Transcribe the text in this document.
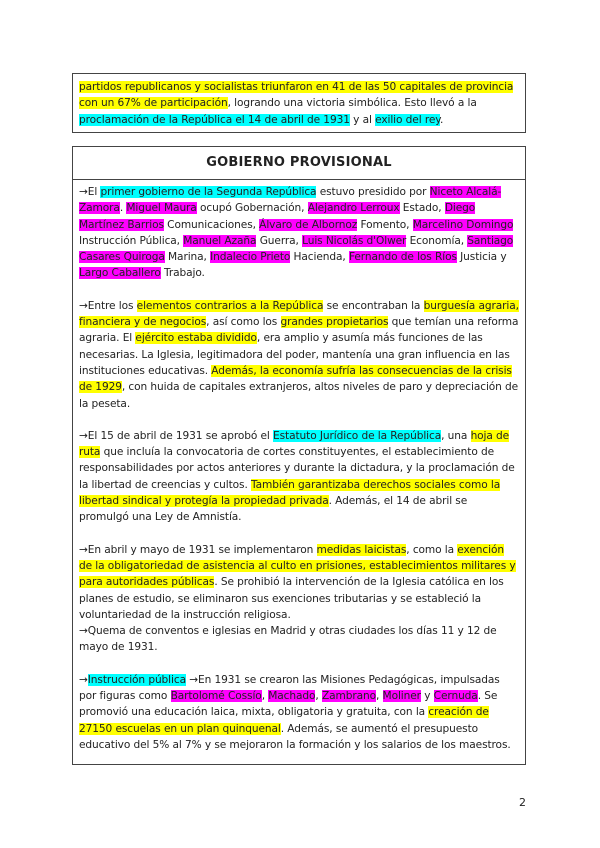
partidos republicanos y socialistas triunfaron en 41 de las 50 capitales de provincia con un 67% de participación, logrando una victoria simbólica. Esto llevó a la proclamación de la República el 14 de abril de 1931 y al exilio del rey.

GOBIERNO PROVISIONAL

→El primer gobierno de la Segunda República estuvo presidido por Niceto Alcalá-Zamora. Miguel Maura ocupó Gobernación, Alejandro Lerroux Estado, Diego Martínez Barrios Comunicaciones, Álvaro de Albornoz Fomento, Marcelino Domingo Instrucción Pública, Manuel Azaña Guerra, Luis Nicolás d'Olwer Economía, Santiago Casares Quiroga Marina, Indalecio Prieto Hacienda, Fernando de los Ríos Justicia y Largo Caballero Trabajo.

→Entre los elementos contrarios a la República se encontraban la burguesía agraria, financiera y de negocios, así como los grandes propietarios que temían una reforma agraria. El ejército estaba dividido, era amplio y asumía más funciones de las necesarias. La Iglesia, legitimadora del poder, mantenía una gran influencia en las instituciones educativas. Además, la economía sufría las consecuencias de la crisis de 1929, con huida de capitales extranjeros, altos niveles de paro y depreciación de la peseta.

→El 15 de abril de 1931 se aprobó el Estatuto Jurídico de la República, una hoja de ruta que incluía la convocatoria de cortes constituyentes, el establecimiento de responsabilidades por actos anteriores y durante la dictadura, y la proclamación de la libertad de creencias y cultos. También garantizaba derechos sociales como la libertad sindical y protegía la propiedad privada. Además, el 14 de abril se promulgó una Ley de Amnistía.

→En abril y mayo de 1931 se implementaron medidas laicistas, como la exención de la obligatoriedad de asistencia al culto en prisiones, establecimientos militares y para autoridades públicas. Se prohibió la intervención de la Iglesia católica en los planes de estudio, se eliminaron sus exenciones tributarias y se estableció la voluntariedad de la instrucción religiosa.

→Quema de conventos e iglesias en Madrid y otras ciudades los días 11 y 12 de mayo de 1931.

→Instrucción pública →En 1931 se crearon las Misiones Pedagógicas, impulsadas por figuras como Bartolomé Cossío, Machado, Zambrano, Moliner y Cernuda. Se promovió una educación laica, mixta, obligatoria y gratuita, con la creación de 27150 escuelas en un plan quinquenal. Además, se aumentó el presupuesto educativo del 5% al 7% y se mejoraron la formación y los salarios de los maestros.

2
